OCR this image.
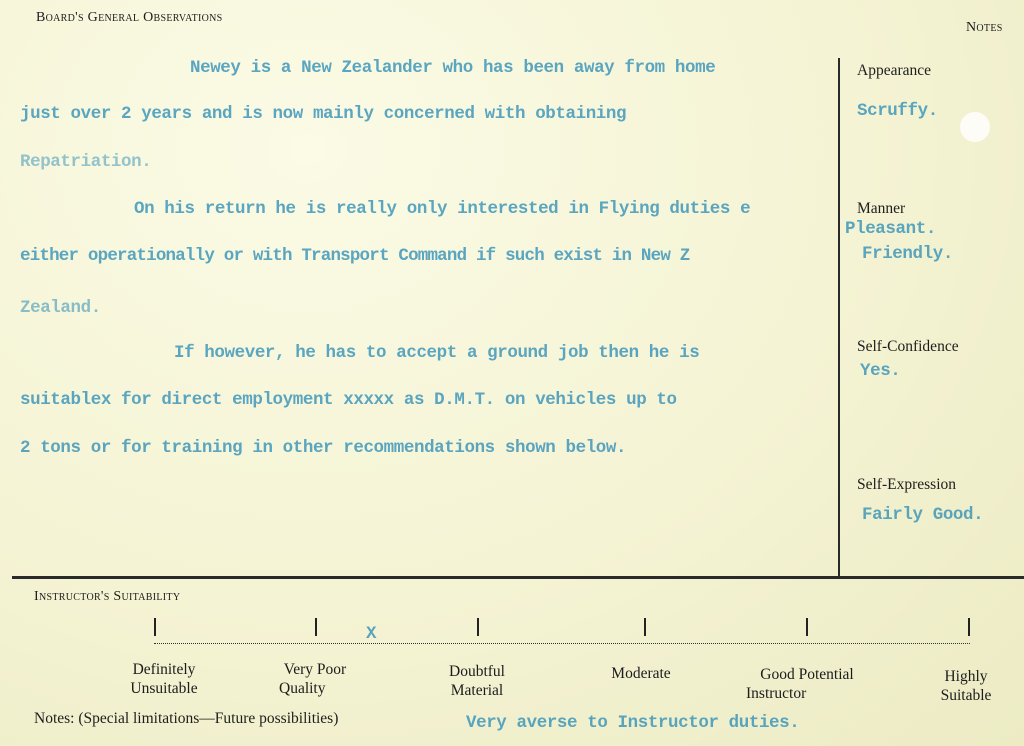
Board's General Observations
Notes
Newey is a New Zealander who has been away from home
just over 2 years and is now mainly concerned with obtaining
Repatriation.
On his return he is really only interested in Flying duties e
either operationally or with Transport Command if such exist in New Z
Zealand.
If however, he has to accept a ground job then he is
suitablex for direct employment xxxxx as D.M.T. on vehicles up to
2 tons or for training in other recommendations shown below.
Appearance
Scruffy.
Manner
Pleasant.
Friendly.
Self-Confidence
Yes.
Self-Expression
Fairly Good.
Instructor's Suitability
X
Definitely
Unsuitable
Very Poor
Quality
Doubtful
Material
Moderate	Good Potential
Instructor
Highly
Suitable
Notes: (Special limitations—Future possibilities)	Very averse to Instructor duties.
